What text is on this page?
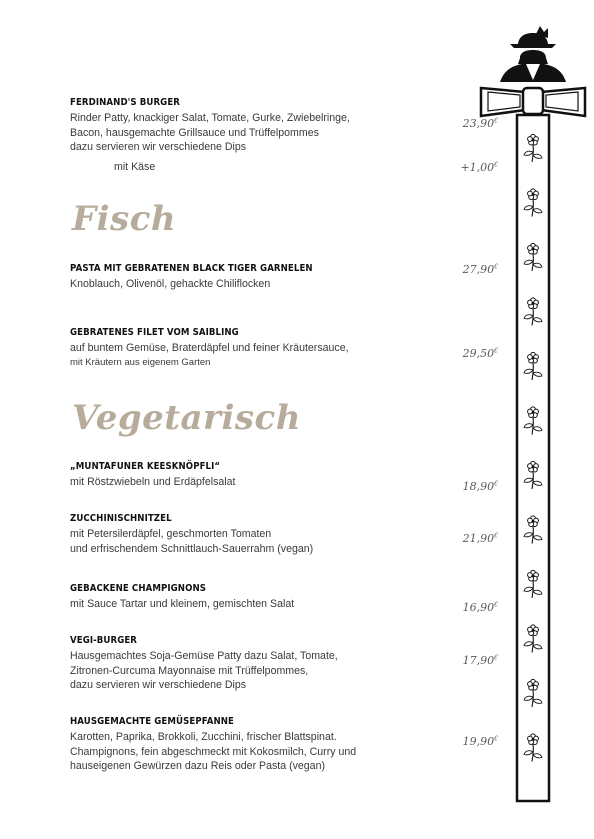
FERDINAND'S BURGER
Rinder Patty, knackiger Salat, Tomate, Gurke, Zwiebelringe,
Bacon, hausgemachte Grillsauce und Trüffelpommes
dazu servieren wir verschiedene Dips
23,90€
mit Käse	+1,00€
Fisch
PASTA MIT GEBRATENEN BLACK TIGER GARNELEN
Knoblauch, Olivenöl, gehackte Chiliflocken
27,90€
GEBRATENES FILET VOM SAIBLING
auf buntem Gemüse, Braterdäpfel und feiner Kräutersauce,
mit Kräutern aus eigenem Garten
29,50€
Vegetarisch
„MUNTAFUNER KEESKNÖPFLI“
mit Röstzwiebeln und Erdäpfelsalat	18,90€
ZUCCHINISCHNITZEL
mit Petersilerdäpfel, geschmorten Tomaten
und erfrischendem Schnittlauch-Sauerrahm (vegan)
21,90€
GEBACKENE CHAMPIGNONS
mit Sauce Tartar und kleinem, gemischten Salat	16,90€
VEGI-BURGER
Hausgemachtes Soja-Gemüse Patty dazu Salat, Tomate,
Zitronen-Curcuma Mayonnaise mit Trüffelpommes,
dazu servieren wir verschiedene Dips
17,90€
HAUSGEMACHTE GEMÜSEPFANNE
Karotten, Paprika, Brokkoli, Zucchini, frischer Blattspinat.
Champignons, fein abgeschmeckt mit Kokosmilch, Curry und
hauseigenen Gewürzen dazu Reis oder Pasta (vegan)
19,90€
